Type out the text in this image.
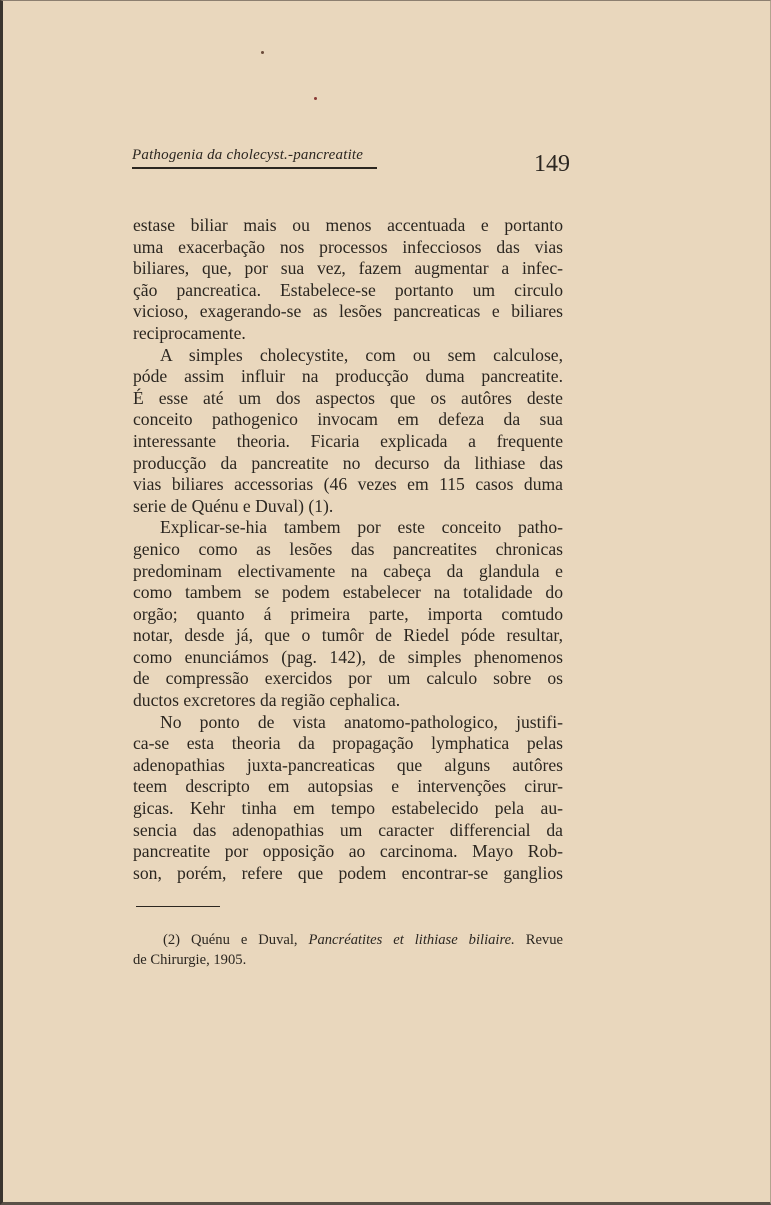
Pathogenia da cholecyst.-pancreatite	149
estase biliar mais ou menos accentuada e portanto
uma exacerbação nos processos infecciosos das vias
biliares, que, por sua vez, fazem augmentar a infec-
ção pancreatica. Estabelece-se portanto um circulo
vicioso, exagerando-se as lesões pancreaticas e biliares
reciprocamente.
A simples cholecystite, com ou sem calculose,
póde assim influir na producção duma pancreatite.
É esse até um dos aspectos que os autôres deste
conceito pathogenico invocam em defeza da sua
interessante theoria. Ficaria explicada a frequente
producção da pancreatite no decurso da lithiase das
vias biliares accessorias (46 vezes em 115 casos duma
serie de Quénu e Duval) (1).
Explicar-se-hia tambem por este conceito patho-
genico como as lesões das pancreatites chronicas
predominam electivamente na cabeça da glandula e
como tambem se podem estabelecer na totalidade do
orgão; quanto á primeira parte, importa comtudo
notar, desde já, que o tumôr de Riedel póde resultar,
como enunciámos (pag. 142), de simples phenomenos
de compressão exercidos por um calculo sobre os
ductos excretores da região cephalica.
No ponto de vista anatomo-pathologico, justifi-
ca-se esta theoria da propagação lymphatica pelas
adenopathias juxta-pancreaticas que alguns autôres
teem descripto em autopsias e intervenções cirur-
gicas. Kehr tinha em tempo estabelecido pela au-
sencia das adenopathias um caracter differencial da
pancreatite por opposição ao carcinoma. Mayo Rob-
son, porém, refere que podem encontrar-se ganglios
(2) Quénu e Duval, Pancréatites et lithiase biliaire. Revue
de Chirurgie, 1905.
